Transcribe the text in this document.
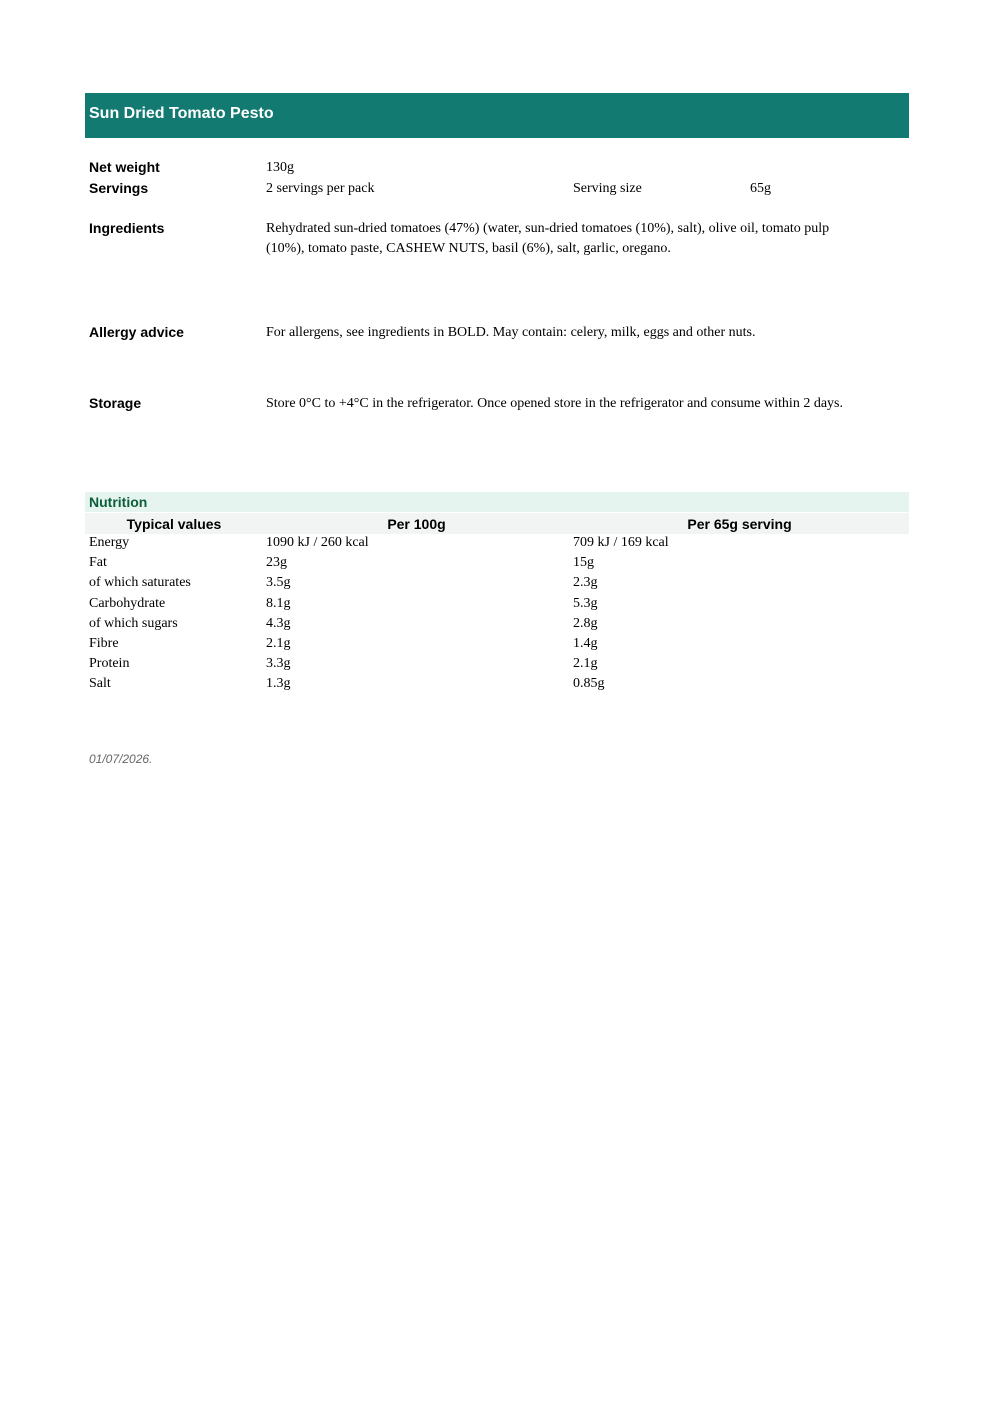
Sun Dried Tomato Pesto
Net weight	130g
Servings	2 servings per pack	Serving size	65g
Ingredients	Rehydrated sun-dried tomatoes (47%) (water, sun-dried tomatoes (10%), salt), olive oil, tomato pulp (10%), tomato paste, CASHEW NUTS, basil (6%), salt, garlic, oregano.
Allergy advice	For allergens, see ingredients in BOLD. May contain: celery, milk, eggs and other nuts.
Storage	Store 0°C to +4°C in the refrigerator. Once opened store in the refrigerator and consume within 2 days.
Nutrition
Typical values	Per 100g	Per 65g serving
Energy	1090 kJ / 260 kcal	709 kJ / 169 kcal
Fat	23g	15g
of which saturates	3.5g	2.3g
Carbohydrate	8.1g	5.3g
of which sugars	4.3g	2.8g
Fibre	2.1g	1.4g
Protein	3.3g	2.1g
Salt	1.3g	0.85g
01/07/2026.
